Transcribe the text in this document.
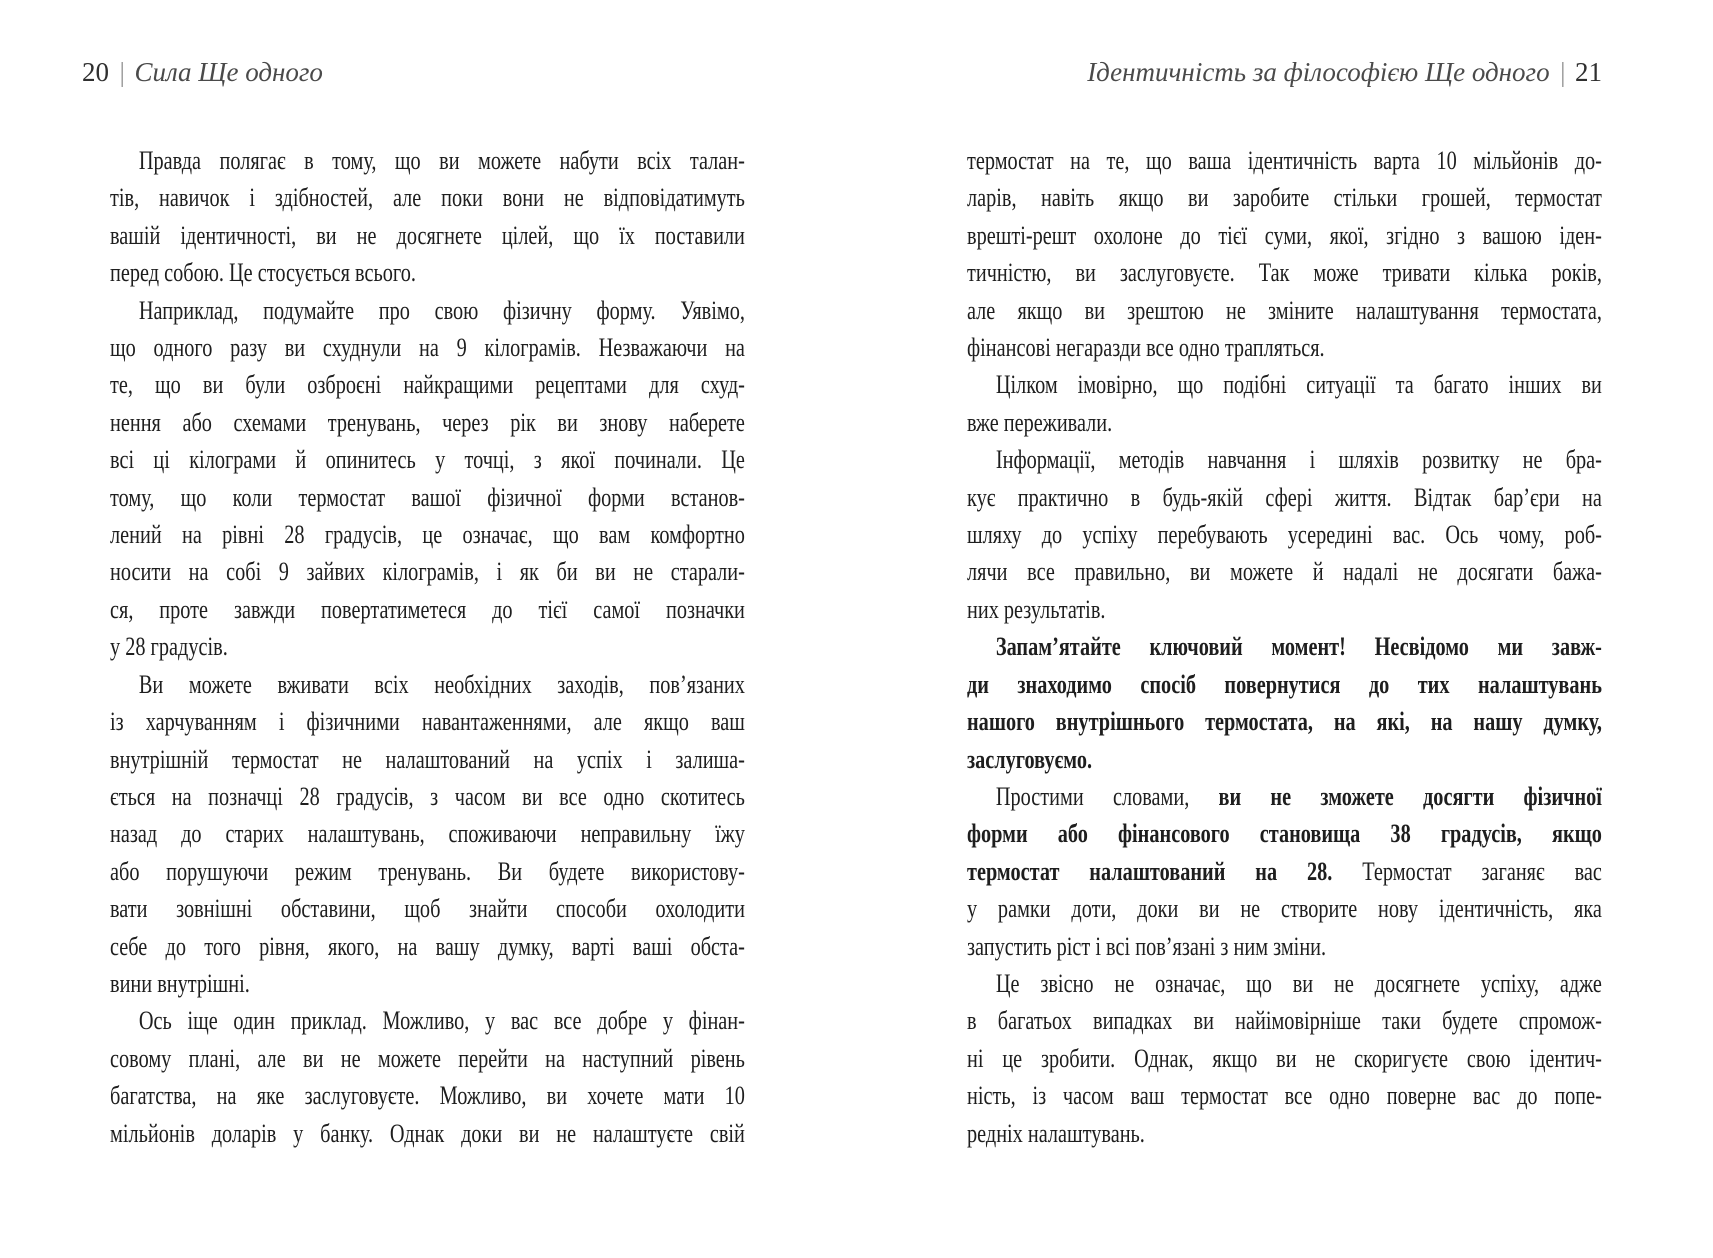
20 | Сила Ще одного
Правда полягає в тому, що ви можете набути всіх талан-
тів, навичок і здібностей, але поки вони не відповідатимуть
вашій ідентичності, ви не досягнете цілей, що їх поставили
перед собою. Це стосується всього.
Наприклад, подумайте про свою фізичну форму. Уявімо,
що одного разу ви схуднули на 9 кілограмів. Незважаючи на
те, що ви були озброєні найкращими рецептами для схуд-
нення або схемами тренувань, через рік ви знову наберете
всі ці кілограми й опинитесь у точці, з якої починали. Це
тому, що коли термостат вашої фізичної форми встанов-
лений на рівні 28 градусів, це означає, що вам комфортно
носити на собі 9 зайвих кілограмів, і як би ви не старали-
ся, проте завжди повертатиметеся до тієї самої позначки
у 28 градусів.
Ви можете вживати всіх необхідних заходів, пов’язаних
із харчуванням і фізичними навантаженнями, але якщо ваш
внутрішній термостат не налаштований на успіх і залиша-
ється на позначці 28 градусів, з часом ви все одно скотитесь
назад до старих налаштувань, споживаючи неправильну їжу
або порушуючи режим тренувань. Ви будете використову-
вати зовнішні обставини, щоб знайти способи охолодити
себе до того рівня, якого, на вашу думку, варті ваші обста-
вини внутрішні.
Ось іще один приклад. Можливо, у вас все добре у фінан-
совому плані, але ви не можете перейти на наступний рівень
багатства, на яке заслуговуєте. Можливо, ви хочете мати 10
мільйонів доларів у банку. Однак доки ви не налаштуєте свій
Ідентичність за філософією Ще одного | 21
термостат на те, що ваша ідентичність варта 10 мільйонів до-
ларів, навіть якщо ви заробите стільки грошей, термостат
врешті-решт охолоне до тієї суми, якої, згідно з вашою іден-
тичністю, ви заслуговуєте. Так може тривати кілька років,
але якщо ви зрештою не зміните налаштування термостата,
фінансові негаразди все одно трапляться.
Цілком імовірно, що подібні ситуації та багато інших ви
вже переживали.
Інформації, методів навчання і шляхів розвитку не бра-
кує практично в будь-якій сфері життя. Відтак бар’єри на
шляху до успіху перебувають усередині вас. Ось чому, роб-
лячи все правильно, ви можете й надалі не досягати бажа-
них результатів.
Запам’ятайте ключовий момент! Несвідомо ми завж-
ди знаходимо спосіб повернутися до тих налаштувань
нашого внутрішнього термостата, на які, на нашу думку,
заслуговуємо.
Простими словами, ви не зможете досягти фізичної
форми або фінансового становища 38 градусів, якщо
термостат налаштований на 28. Термостат заганяє вас
у рамки доти, доки ви не створите нову ідентичність, яка
запустить ріст і всі пов’язані з ним зміни.
Це звісно не означає, що ви не досягнете успіху, адже
в багатьох випадках ви найімовірніше таки будете спромож-
ні це зробити. Однак, якщо ви не скоригуєте свою ідентич-
ність, із часом ваш термостат все одно поверне вас до попе-
редніх налаштувань.
